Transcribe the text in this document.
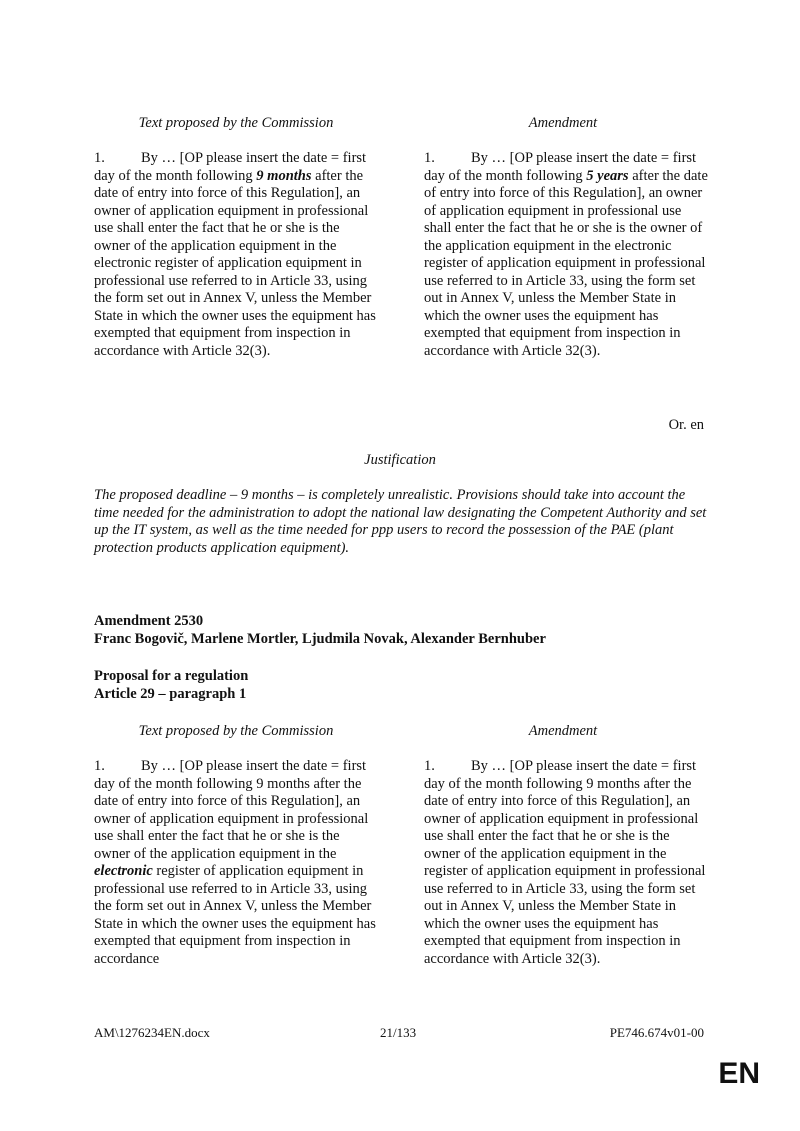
Text proposed by the Commission	Amendment
1. By … [OP please insert the date = first day of the month following 9 months after the date of entry into force of this Regulation], an owner of application equipment in professional use shall enter the fact that he or she is the owner of the application equipment in the electronic register of application equipment in professional use referred to in Article 33, using the form set out in Annex V, unless the Member State in which the owner uses the equipment has exempted that equipment from inspection in accordance with Article 32(3).
1. By … [OP please insert the date = first day of the month following 5 years after the date of entry into force of this Regulation], an owner of application equipment in professional use shall enter the fact that he or she is the owner of the application equipment in the electronic register of application equipment in professional use referred to in Article 33, using the form set out in Annex V, unless the Member State in which the owner uses the equipment has exempted that equipment from inspection in accordance with Article 32(3).
Or. en
Justification
The proposed deadline – 9 months – is completely unrealistic. Provisions should take into account the time needed for the administration to adopt the national law designating the Competent Authority and set up the IT system, as well as the time needed for ppp users to record the possession of the PAE (plant protection products application equipment).
Amendment 2530
Franc Bogovič, Marlene Mortler, Ljudmila Novak, Alexander Bernhuber
Proposal for a regulation
Article 29 – paragraph 1
Text proposed by the Commission	Amendment
1. By … [OP please insert the date = first day of the month following 9 months after the date of entry into force of this Regulation], an owner of application equipment in professional use shall enter the fact that he or she is the owner of the application equipment in the electronic register of application equipment in professional use referred to in Article 33, using the form set out in Annex V, unless the Member State in which the owner uses the equipment has exempted that equipment from inspection in accordance
1. By … [OP please insert the date = first day of the month following 9 months after the date of entry into force of this Regulation], an owner of application equipment in professional use shall enter the fact that he or she is the owner of the application equipment in the register of application equipment in professional use referred to in Article 33, using the form set out in Annex V, unless the Member State in which the owner uses the equipment has exempted that equipment from inspection in accordance with Article 32(3).
AM\1276234EN.docx	21/133	PE746.674v01-00
EN
